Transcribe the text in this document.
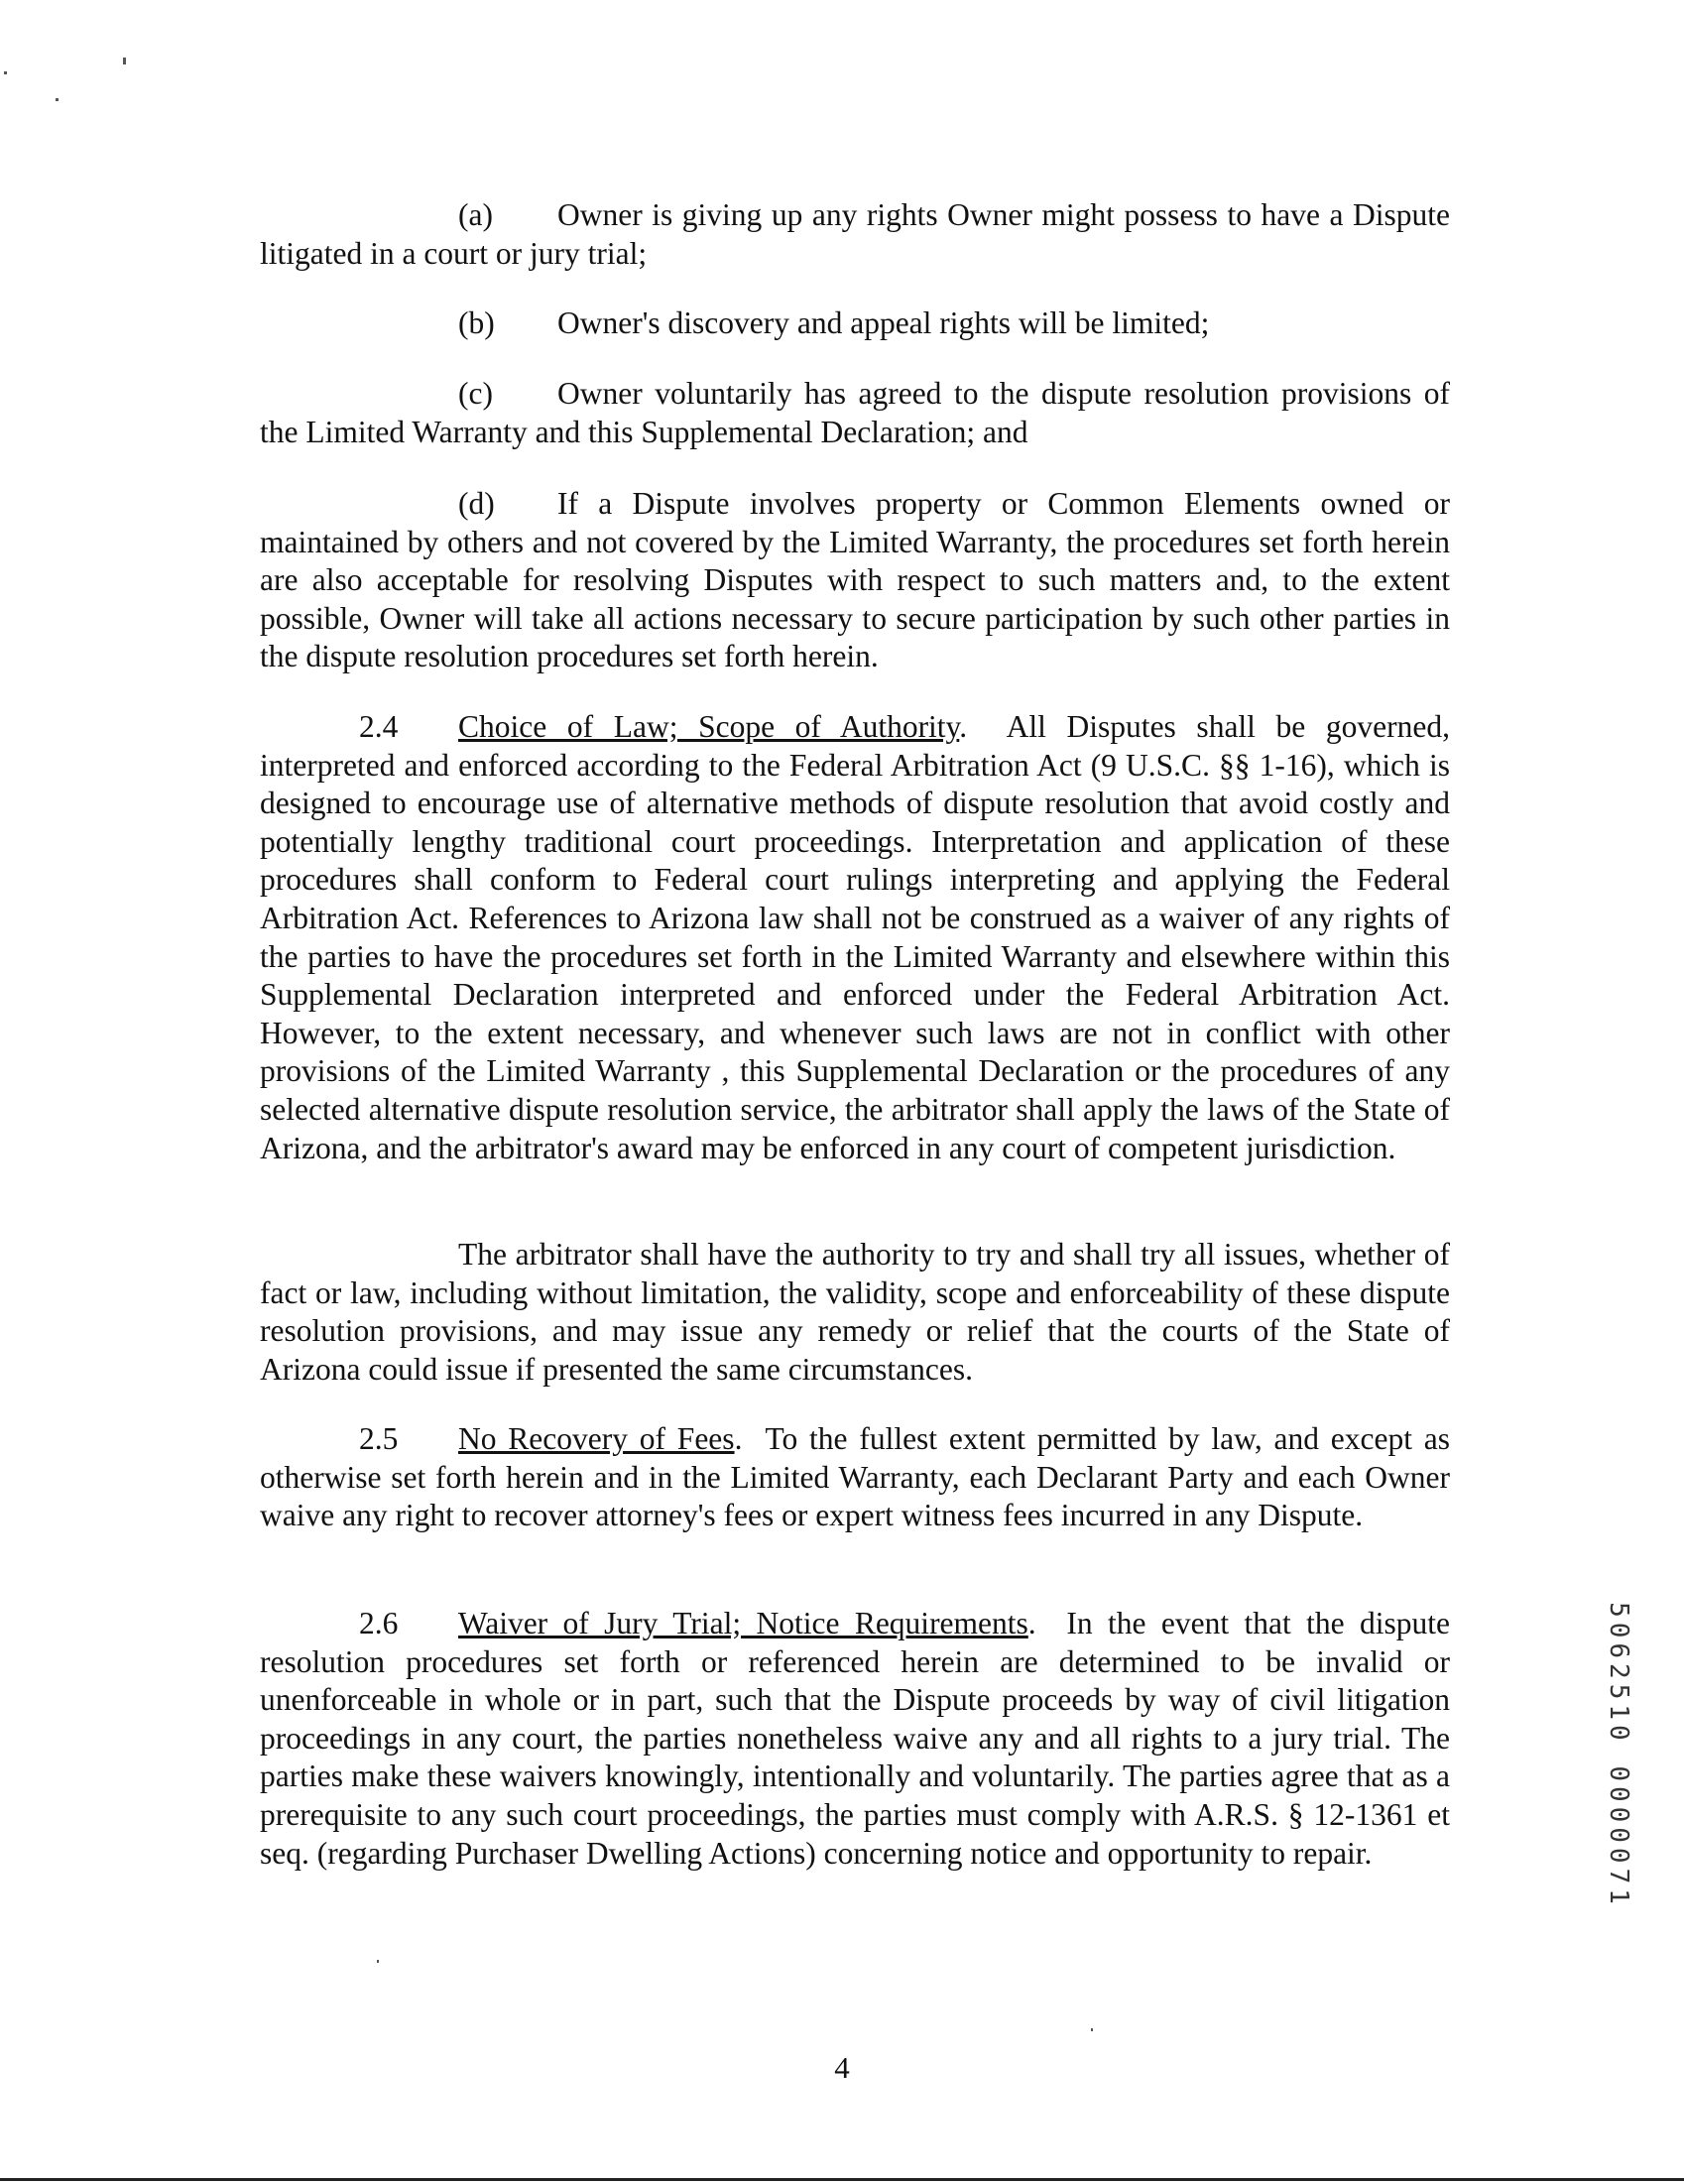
(a) Owner is giving up any rights Owner might possess to have a Dispute litigated in a court or jury trial;
(b) Owner's discovery and appeal rights will be limited;
(c) Owner voluntarily has agreed to the dispute resolution provisions of the Limited Warranty and this Supplemental Declaration; and
(d) If a Dispute involves property or Common Elements owned or maintained by others and not covered by the Limited Warranty, the procedures set forth herein are also acceptable for resolving Disputes with respect to such matters and, to the extent possible, Owner will take all actions necessary to secure participation by such other parties in the dispute resolution procedures set forth herein.
2.4 Choice of Law; Scope of Authority.  All Disputes shall be governed, interpreted and enforced according to the Federal Arbitration Act (9 U.S.C. §§ 1-16), which is designed to encourage use of alternative methods of dispute resolution that avoid costly and potentially lengthy traditional court proceedings. Interpretation and application of these procedures shall conform to Federal court rulings interpreting and applying the Federal Arbitration Act. References to Arizona law shall not be construed as a waiver of any rights of the parties to have the procedures set forth in the Limited Warranty and elsewhere within this Supplemental Declaration interpreted and enforced under the Federal Arbitration Act. However, to the extent necessary, and whenever such laws are not in conflict with other provisions of the Limited Warranty , this Supplemental Declaration or the procedures of any selected alternative dispute resolution service, the arbitrator shall apply the laws of the State of Arizona, and the arbitrator's award may be enforced in any court of competent jurisdiction.
The arbitrator shall have the authority to try and shall try all issues, whether of fact or law, including without limitation, the validity, scope and enforceability of these dispute resolution provisions, and may issue any remedy or relief that the courts of the State of Arizona could issue if presented the same circumstances.
2.5 No Recovery of Fees.  To the fullest extent permitted by law, and except as otherwise set forth herein and in the Limited Warranty, each Declarant Party and each Owner waive any right to recover attorney's fees or expert witness fees incurred in any Dispute.
2.6 Waiver of Jury Trial; Notice Requirements.  In the event that the dispute resolution procedures set forth or referenced herein are determined to be invalid or unenforceable in whole or in part, such that the Dispute proceeds by way of civil litigation proceedings in any court, the parties nonetheless waive any and all rights to a jury trial. The parties make these waivers knowingly, intentionally and voluntarily. The parties agree that as a prerequisite to any such court proceedings, the parties must comply with A.R.S. § 12-1361 et seq. (regarding Purchaser Dwelling Actions) concerning notice and opportunity to repair.	5062510 0000071
4
